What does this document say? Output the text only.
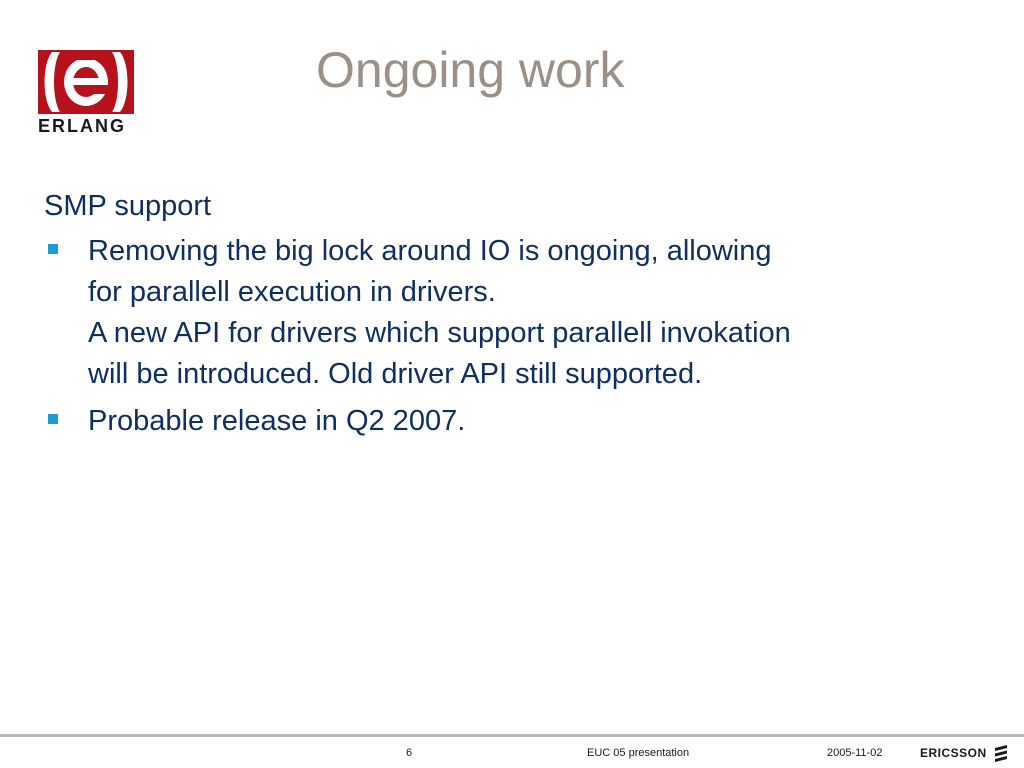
ERLANG
Ongoing work
SMP support
Removing the big lock around IO is ongoing, allowing
for parallell execution in drivers.
A new API for drivers which support parallell invokation
will be introduced. Old driver API still supported.
Probable release in Q2 2007.
6	EUC 05 presentation	2005-11-02	ERICSSON
